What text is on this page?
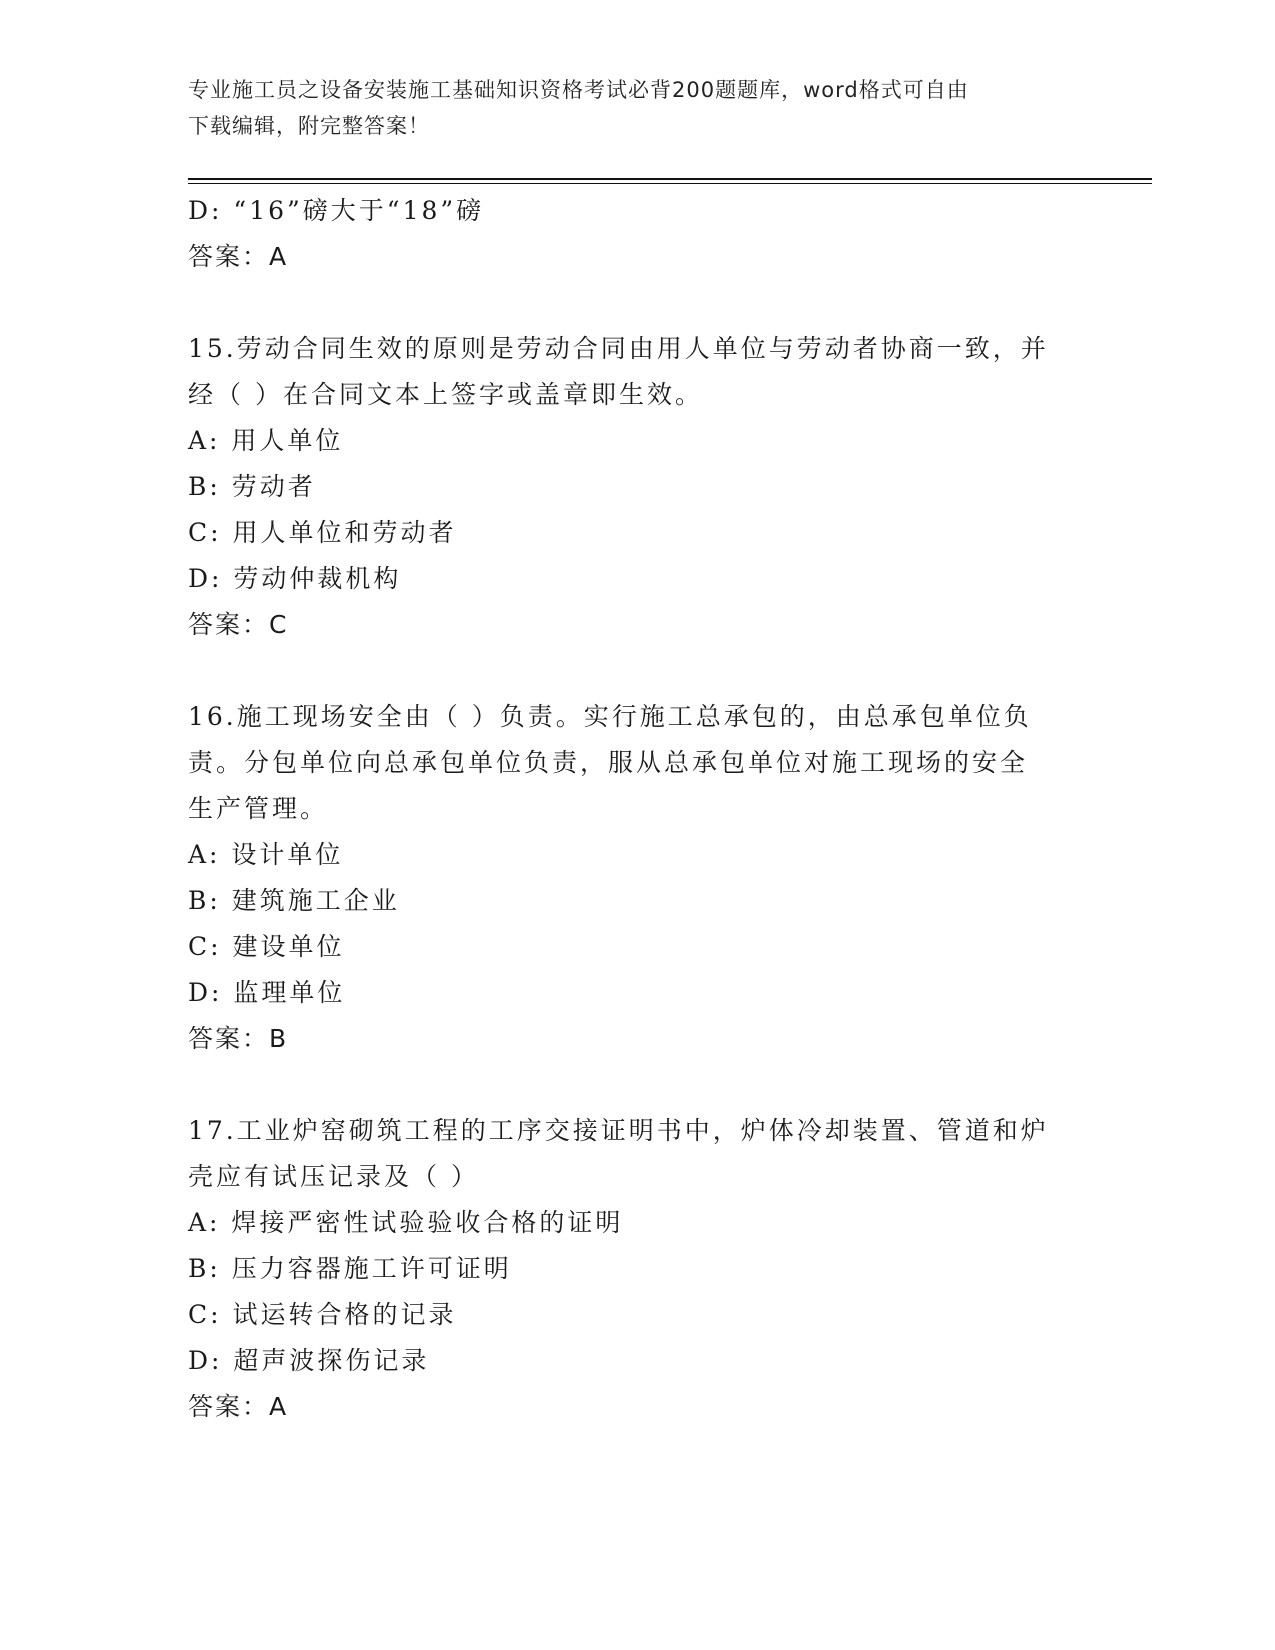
专业施工员之设备安装施工基础知识资格考试必背200题题库，word格式可自由
下载编辑，附完整答案！

D: “16”磅大于“18”磅

答案：A

15.劳动合同生效的原则是劳动合同由用人单位与劳动者协商一致，并

经（ ）在合同文本上签字或盖章即生效。

A: 用人单位

B: 劳动者

C: 用人单位和劳动者

D: 劳动仲裁机构

答案：C

16.施工现场安全由（ ）负责。实行施工总承包的，由总承包单位负

责。分包单位向总承包单位负责，服从总承包单位对施工现场的安全

生产管理。

A: 设计单位

B: 建筑施工企业

C: 建设单位

D: 监理单位

答案：B

17.工业炉窑砌筑工程的工序交接证明书中，炉体冷却装置、管道和炉

壳应有试压记录及（ ）

A: 焊接严密性试验验收合格的证明

B: 压力容器施工许可证明

C: 试运转合格的记录

D: 超声波探伤记录

答案：A
